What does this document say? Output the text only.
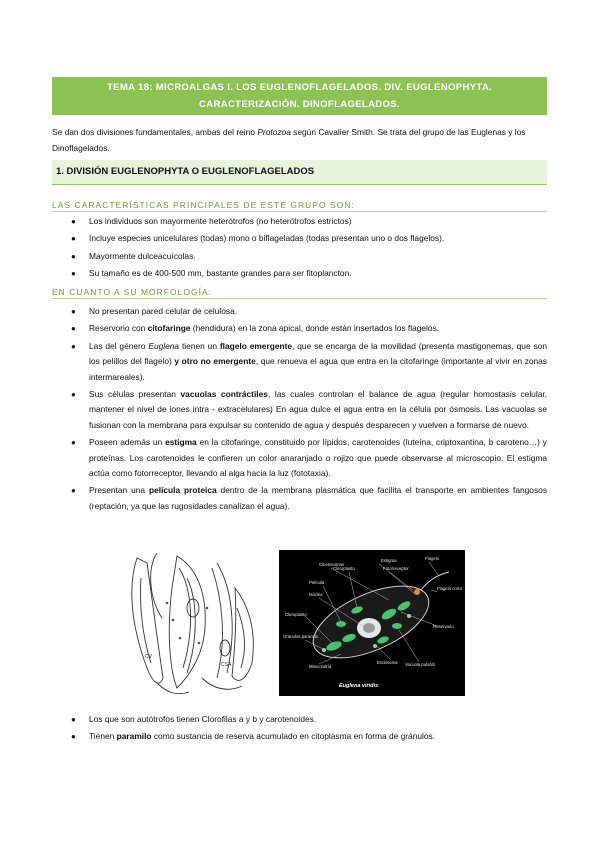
TEMA 18: MICROALGAS I. LOS EUGLENOFLAGELADOS. DIV. EUGLENOPHYTA.
CARACTERIZACIÓN. DINOFLAGELADOS.
Se dan dos divisiones fundamentales, ambas del reino Protozoa según Cavalier Smith. Se trata del grupo de las Euglenas y los Dinoflagelados.
1. DIVISIÓN EUGLENOPHYTA O EUGLENOFLAGELADOS
LAS CARACTERÍSTICAS PRINCIPALES DE ESTE GRUPO SON:
● Los individuos son mayormente heterótrofos (no heterótrofos estrictos)
● Incluye especies unicelulares (todas) mono o biflageladas (todas presentan uno o dos flagelos).
● Mayormente dulceacuícolas.
● Su tamaño es de 400-500 mm, bastante grandes para ser fitoplancton.
EN CUANTO A SU MORFOLOGÍA:
● No presentan pared celular de celulosa.
● Reservorio con citofaringe (hendidura) en la zona apical, donde están insertados los flagelos.
● Las del género Euglena tienen un flagelo emergente, que se encarga de la movilidad (presenta mastigonemas, que son los pelillos del flagelo) y otro no emergente, que renueva el agua que entra en la citofaringe (importante al vivir en zonas intermareales).
● Sus células presentan vacuolas contráctiles, las cuales controlan el balance de agua (regular homostasis celular, mantener el nivel de iones intra - extracelulares) En agua dulce el agua entra en la célula por ósmosis. Las vacuolas se fusionan con la membrana para expulsar su contenido de agua y después desparecen y vuelven a formarse de nuevo.
● Poseen además un estigma en la citofaringe, constituido por lípidos, carotenoides (luteína, criptoxantina, b caroteno…) y proteínas. Los carotenoides le confieren un color anaranjado o rojizo que puede observarse al microscopio. El estigma actúa como fotorreceptor, llevando al alga hacia la luz (fototaxia).
● Presentan una película proteica dentro de la membrana plasmática que facilita el transporte en ambientes fangosos (reptación, ya que las rugosidades canalizan el agua).
CSA
CV
Cloroplasto
Estigma	Flagelo
Cinetosomas
Fotorreceptor
Película
Flagelo corto
Núcleo
Cloroplasto
Gránulos paramilo
Reservorio
Endosoma Vacuola pulsátil
Mitocondria
Euglena viridis
● Los que son autótrofos tienen Clorofilas a y b y carotenoides.
● Tienen paramilo como sustancia de reserva acumulado en citoplasma en forma de gránulos.
